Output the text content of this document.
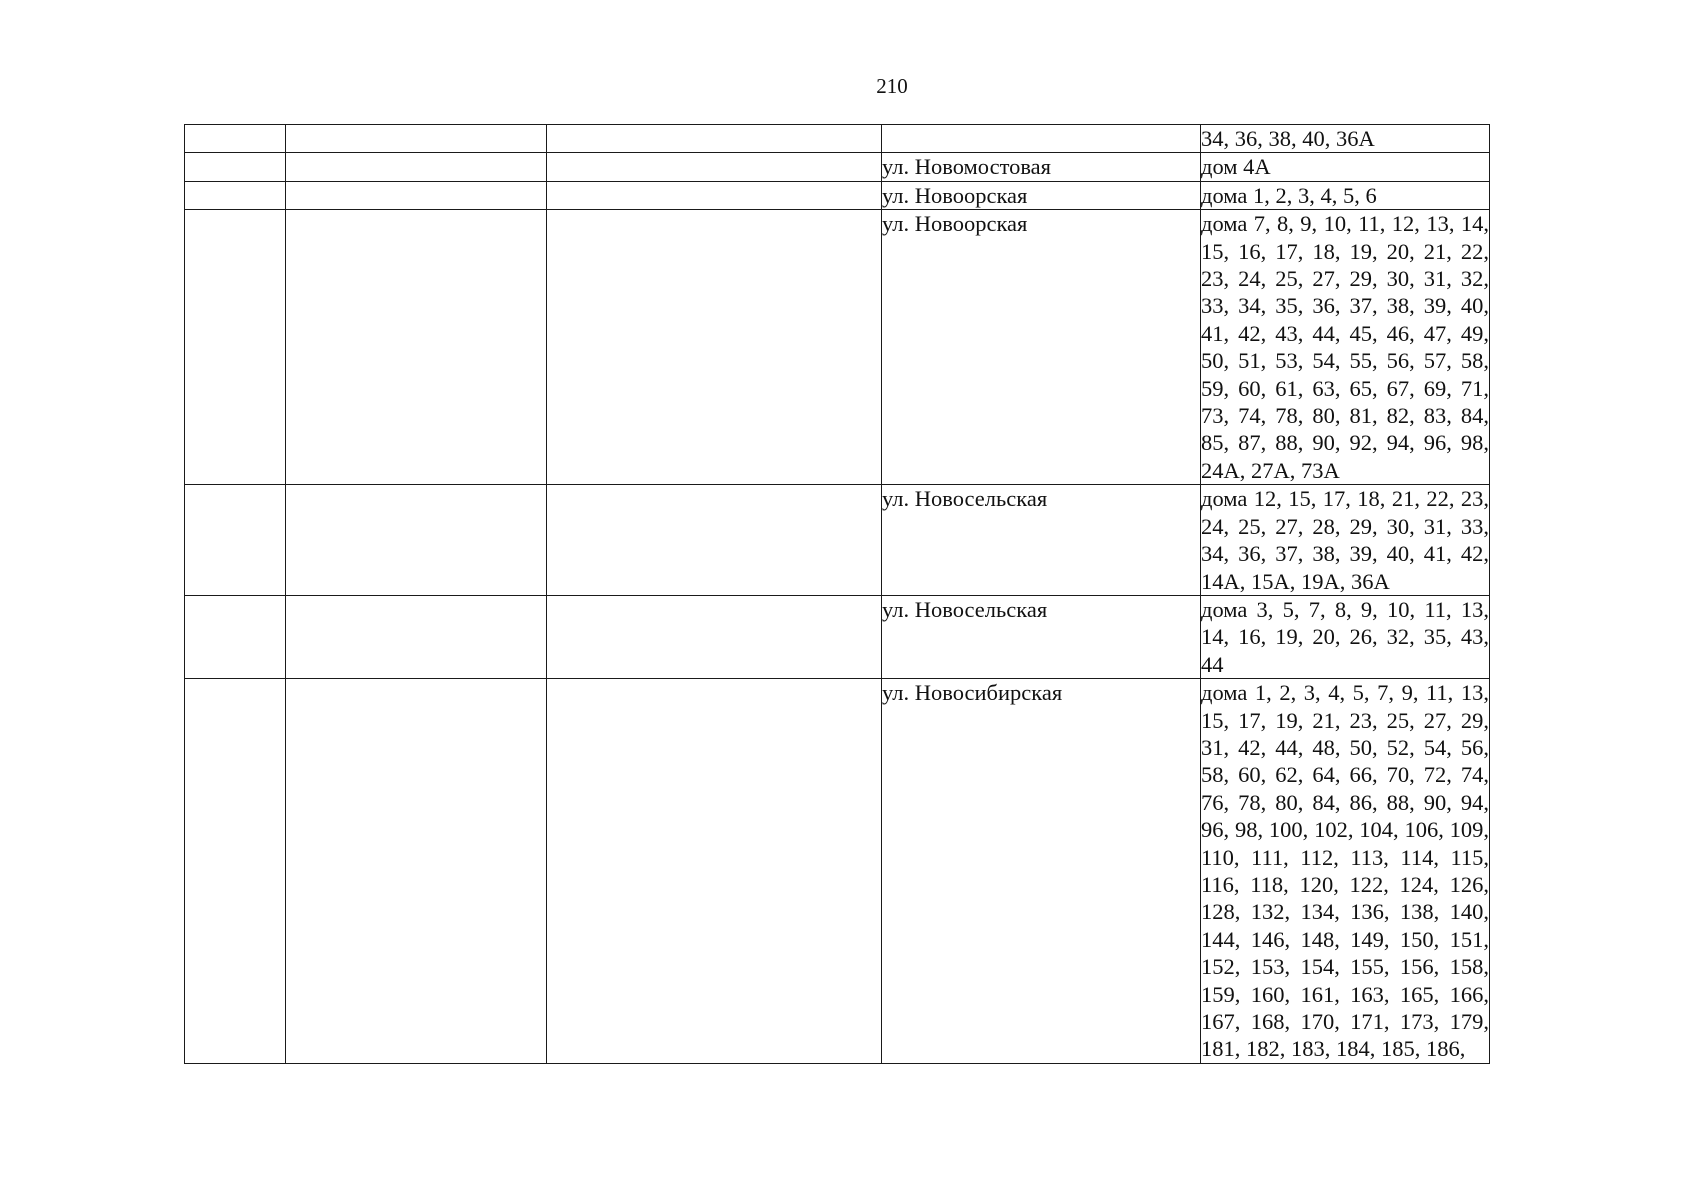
210

				34, 36, 38, 40, 36А

			ул. Новомостовая	дом 4А

			ул. Новоорская	дома 1, 2, 3, 4, 5, 6

			ул. Новоорская	дома 7, 8, 9, 10, 11, 12, 13, 14, 15, 16, 17, 18, 19, 20, 21, 22, 23, 24, 25, 27, 29, 30, 31, 32, 33, 34, 35, 36, 37, 38, 39, 40, 41, 42, 43, 44, 45, 46, 47, 49, 50, 51, 53, 54, 55, 56, 57, 58, 59, 60, 61, 63, 65, 67, 69, 71, 73, 74, 78, 80, 81, 82, 83, 84, 85, 87, 88, 90, 92, 94, 96, 98, 24А, 27А, 73А

			ул. Новосельская	дома 12, 15, 17, 18, 21, 22, 23, 24, 25, 27, 28, 29, 30, 31, 33, 34, 36, 37, 38, 39, 40, 41, 42, 14А, 15А, 19А, 36А

			ул. Новосельская	дома 3, 5, 7, 8, 9, 10, 11, 13, 14, 16, 19, 20, 26, 32, 35, 43, 44

			ул. Новосибирская	дома 1, 2, 3, 4, 5, 7, 9, 11, 13, 15, 17, 19, 21, 23, 25, 27, 29, 31, 42, 44, 48, 50, 52, 54, 56, 58, 60, 62, 64, 66, 70, 72, 74, 76, 78, 80, 84, 86, 88, 90, 94, 96, 98, 100, 102, 104, 106, 109, 110, 111, 112, 113, 114, 115, 116, 118, 120, 122, 124, 126, 128, 132, 134, 136, 138, 140, 144, 146, 148, 149, 150, 151, 152, 153, 154, 155, 156, 158, 159, 160, 161, 163, 165, 166, 167, 168, 170, 171, 173, 179, 181, 182, 183, 184, 185, 186,
